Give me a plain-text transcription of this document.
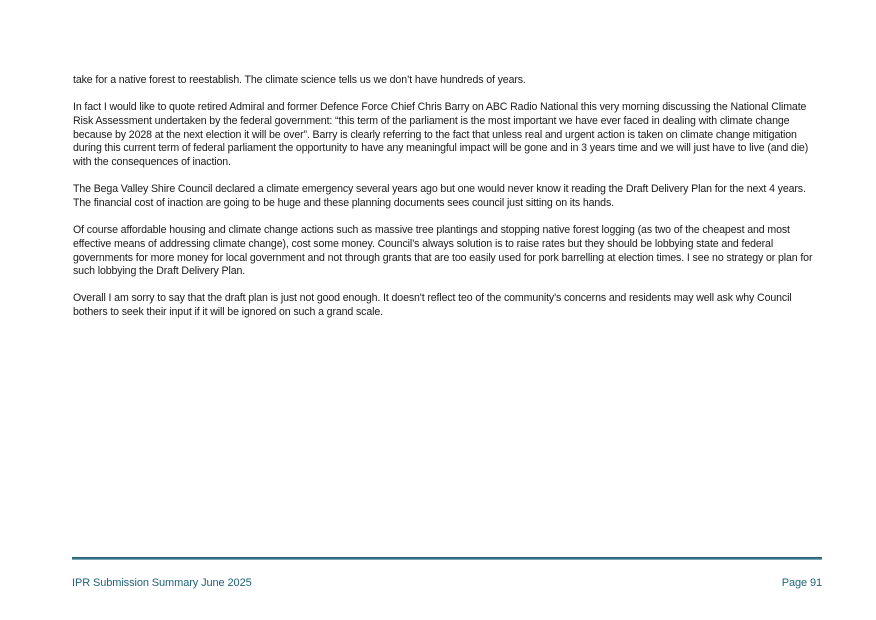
take for a native forest to reestablish. The climate science tells us we don’t have hundreds of years.

In fact I would like to quote retired Admiral and former Defence Force Chief Chris Barry on ABC Radio National this very morning discussing the National Climate Risk Assessment undertaken by the federal government: “this term of the parliament is the most important we have ever faced in dealing with climate change because by 2028 at the next election it will be over”. Barry is clearly referring to the fact that unless real and urgent action is taken on climate change mitigation during this current term of federal parliament the opportunity to have any meaningful impact will be gone and in 3 years time and we will just have to live (and die) with the consequences of inaction.

The Bega Valley Shire Council declared a climate emergency several years ago but one would never know it reading the Draft Delivery Plan for the next 4 years. The financial cost of inaction are going to be huge and these planning documents sees council just sitting on its hands.

Of course affordable housing and climate change actions such as massive tree plantings and stopping native forest logging (as two of the cheapest and most effective means of addressing climate change), cost some money. Council’s always solution is to raise rates but they should be lobbying state and federal governments for more money for local government and not through grants that are too easily used for pork barrelling at election times. I see no strategy or plan for such lobbying the Draft Delivery Plan.

Overall I am sorry to say that the draft plan is just not good enough. It doesn't reflect teo of the community's concerns and residents may well ask why Council bothers to seek their input if it will be ignored on such a grand scale.

IPR Submission Summary June 2025	Page 91
